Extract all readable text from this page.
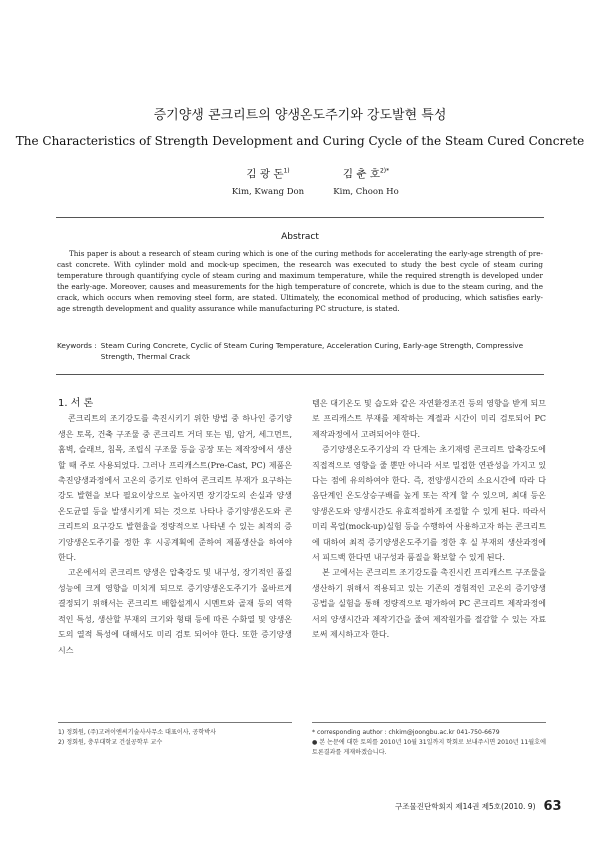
증기양생 콘크리트의 양생온도주기와 강도발현 특성
The Characteristics of Strength Development and Curing Cycle of the Steam Cured Concrete
김 광 돈$^{1)}$
Kim, Kwang Don
김 춘 호$^{2)*}$
Kim, Choon Ho
Abstract
This paper is about a research of steam curing which is one of the curing methods for accelerating the early-age strength of pre-cast concrete. With cylinder mold and mock-up specimen, the research was executed to study the best cycle of steam curing temperature through quantifying cycle of steam curing and maximum temperature, while the required strength is developed under the early-age. Moreover, causes and measurements for the high temperature of concrete, which is due to the steam curing, and the crack, which occurs when removing steel form, are stated. Ultimately, the economical method of producing, which satisfies early-age strength development and quality assurance while manufacturing PC structure, is stated.
Keywords : Steam Curing Concrete, Cyclic of Steam Curing Temperature, Acceleration Curing, Early-age Strength, Compressive Strength, Thermal Crack

1. 서 론

콘크리트의 조기강도를 촉진시키기 위한 방법 중 하나인 증기양생은 토목, 건축 구조물 중 콘크리트 거더 또는 빔, 암거, 세그먼트, 홈벽, 슬래브, 침목, 조립식 구조물 등을 공장 또는 제작장에서 생산할 때 주로 사용되었다. 그러나 프리캐스트(Pre-Cast, PC) 제품은 촉진양생과정에서 고온의 증기로 인하여 콘크리트 부재가 요구하는 강도 발현을 보다 필요이상으로 높아지면 장기강도의 손실과 양생온도균열 등을 발생시키게 되는 것으로 나타나 증기양생온도와 콘크리트의 요구강도 발현율을 정량적으로 나타낸 수 있는 최적의 증기양생온도주기를 정한 후 시공계획에 준하여 제품생산을 하여야 한다.

고온에서의 콘크리트 양생은 압축강도 및 내구성, 장기적인 품질성능에 크게 영향을 미치게 되므로 증기양생온도주기가 올바르게 결정되기 위해서는 콘크리트 배합설계시 시멘트와 골재 등의 역학적인 특성, 생산할 부재의 크기와 형태 등에 따른 수화열 및 양생온도의 열적 특성에 대해서도 미리 검토 되어야 한다. 또한 증기양생시스

템은 대기온도 및 습도와 같은 자연환경조건 등의 영향을 받게 되므로 프리캐스트 부재를 제작하는 계절과 시간이 미리 검토되어 PC 제작과정에서 고려되어야 한다.

증기양생온도주기상의 각 단계는 초기재령 콘크리트 압축강도에 직접적으로 영향을 줄 뿐만 아니라 서로 밀접한 연관성을 가지고 있다는 점에 유의하여야 한다. 즉, 전양생시간의 소요시간에 따라 다음단계인 온도상승구배를 높게 또는 작게 할 수 있으며, 최대 등온양생온도와 양생시간도 유효적절하게 조절할 수 있게 된다. 따라서 미리 목업(mock-up)실험 등을 수행하여 사용하고자 하는 콘크리트에 대하여 최적 증기양생온도주기를 정한 후 실 부재의 생산과정에서 피드백 한다면 내구성과 품질을 확보할 수 있게 된다.

본 고에서는 콘크리트 조기강도를 촉진시킨 프리캐스트 구조물을 생산하기 위해서 적용되고 있는 기존의 경험적인 고온의 증기양생공법을 실험을 통해 정량적으로 평가하여 PC 콘크리트 제작과정에서의 양생시간과 제작기간을 줄여 제작원가를 절감할 수 있는 자료로써 제시하고자 한다.

1) 정회원, (주)고려이엔씨기술사사무소 대표이사, 공학박사
2) 정회원, 충부대학교 건설공학부 교수
* corresponding author : chkim@joongbu.ac.kr 041-750-6679
● 본 논문에 대한 토의를 2010년 10월 31일까지 학회로 보내주시면 2010년 11월호에 토론결과를 게재하겠습니다.
구조물진단학회지 제14권 제5호(2010. 9) 63
